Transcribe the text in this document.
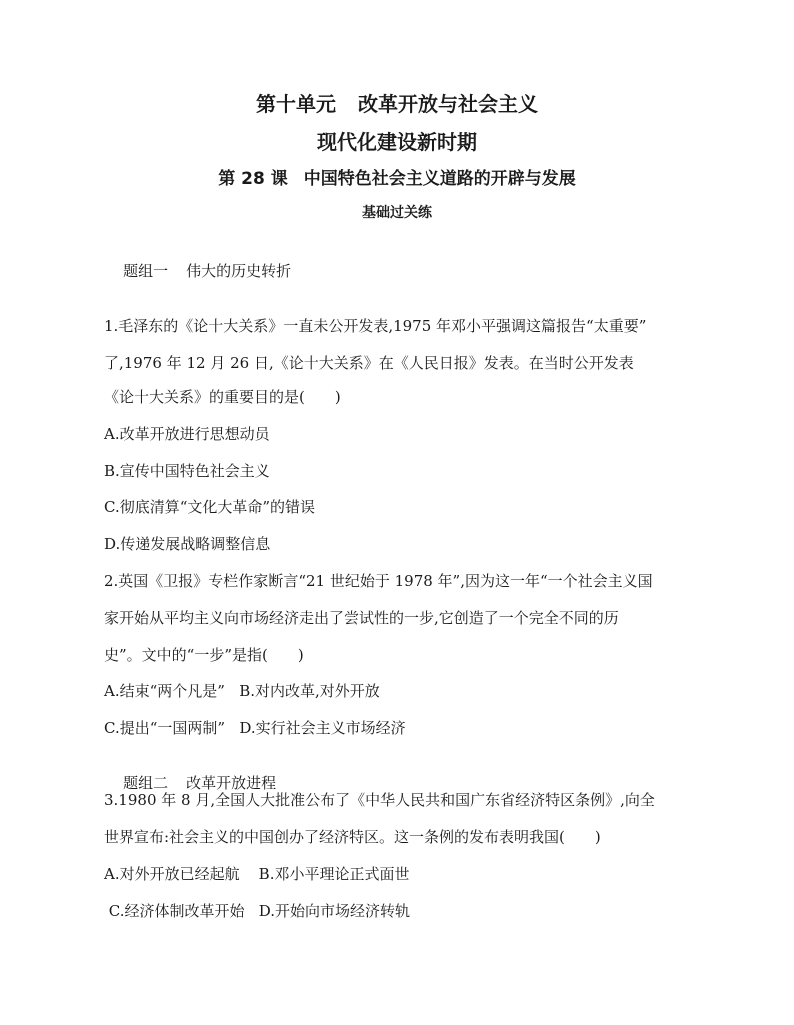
第十单元 改革开放与社会主义
现代化建设新时期
第 28 课 中国特色社会主义道路的开辟与发展
基础过关练

题组一 伟大的历史转折

1.毛泽东的《论十大关系》一直未公开发表,1975 年邓小平强调这篇报告“太重要”
了,1976 年 12 月 26 日,《论十大关系》在《人民日报》发表。在当时公开发表
《论十大关系》的重要目的是(　　)
A.改革开放进行思想动员
B.宣传中国特色社会主义
C.彻底清算“文化大革命”的错误
D.传递发展战略调整信息
2.英国《卫报》专栏作家断言“21 世纪始于 1978 年”,因为这一年“一个社会主义国
家开始从平均主义向市场经济走出了尝试性的一步,它创造了一个完全不同的历
史”。文中的“一步”是指(　　)
A.结束“两个凡是”   B.对内改革,对外开放
C.提出“一国两制”   D.实行社会主义市场经济

题组二 改革开放进程

3.1980 年 8 月,全国人大批准公布了《中华人民共和国广东省经济特区条例》,向全
世界宣布:社会主义的中国创办了经济特区。这一条例的发布表明我国(　　)
A.对外开放已经起航    B.邓小平理论正式面世
C.经济体制改革开始   D.开始向市场经济转轨
